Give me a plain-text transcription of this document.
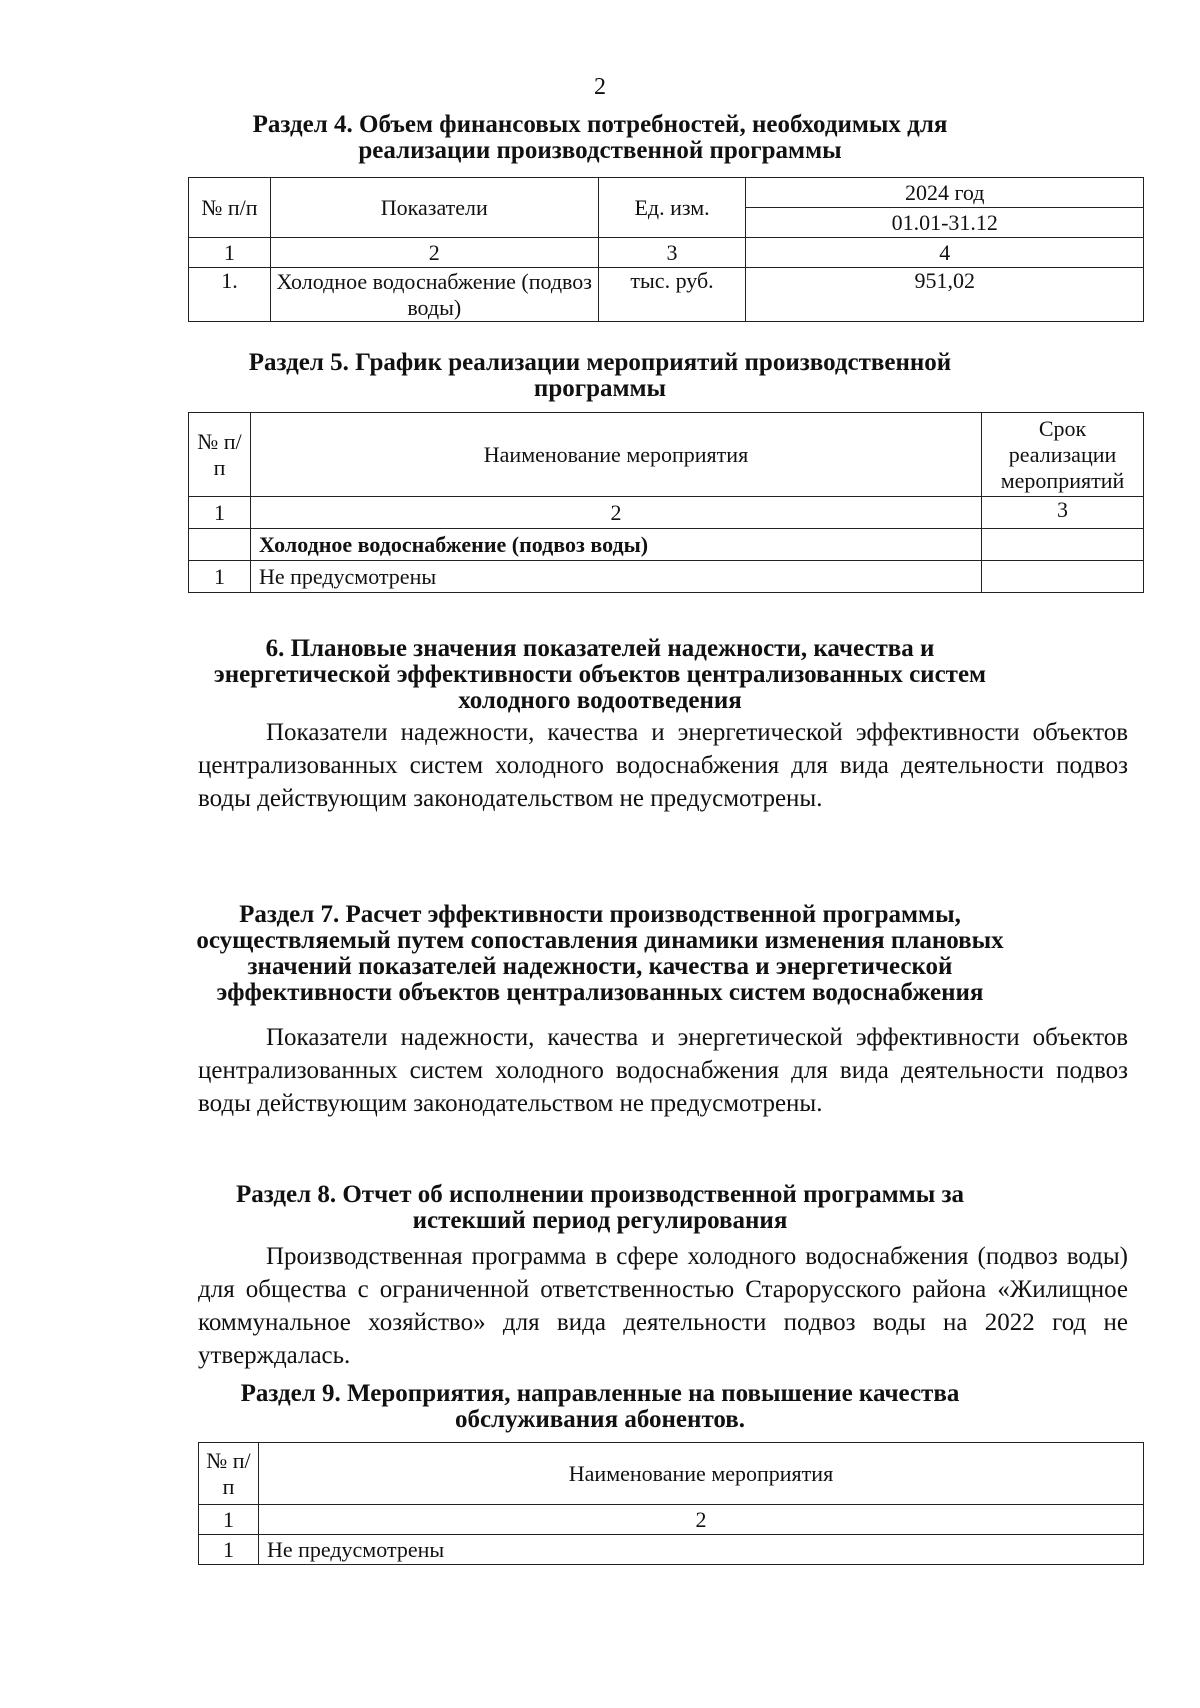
2
Раздел 4. Объем финансовых потребностей, необходимых для
реализации производственной программы
№ п/п	Показатели	Ед. изм.	2024 год
			01.01-31.12
1	2	3	4
1.	Холодное водоснабжение (подвоз воды)	тыс. руб.	951,02
Раздел 5. График реализации мероприятий производственной
программы
№ п/п	Наименование мероприятия	Срок реализации мероприятий
1	2	3
	Холодное водоснабжение (подвоз воды)	
1	Не предусмотрены	
6. Плановые значения показателей надежности, качества и
энергетической эффективности объектов централизованных систем
холодного водоотведения

Показатели надежности, качества и энергетической эффективности объектов централизованных систем холодного водоснабжения для вида деятельности подвоз воды действующим законодательством не предусмотрены.

Раздел 7. Расчет эффективности производственной программы,
осуществляемый путем сопоставления динамики изменения плановых
значений показателей надежности, качества и энергетической
эффективности объектов централизованных систем водоснабжения

Показатели надежности, качества и энергетической эффективности объектов централизованных систем холодного водоснабжения для вида деятельности подвоз воды действующим законодательством не предусмотрены.

Раздел 8. Отчет об исполнении производственной программы за
истекший период регулирования

Производственная программа в сфере холодного водоснабжения (подвоз воды) для общества с ограниченной ответственностью Старорусского района «Жилищное коммунальное хозяйство» для вида деятельности подвоз воды на 2022 год не утверждалась.

Раздел 9. Мероприятия, направленные на повышение качества
обслуживания абонентов.
№ п/п	Наименование мероприятия
1	2
1	Не предусмотрены
